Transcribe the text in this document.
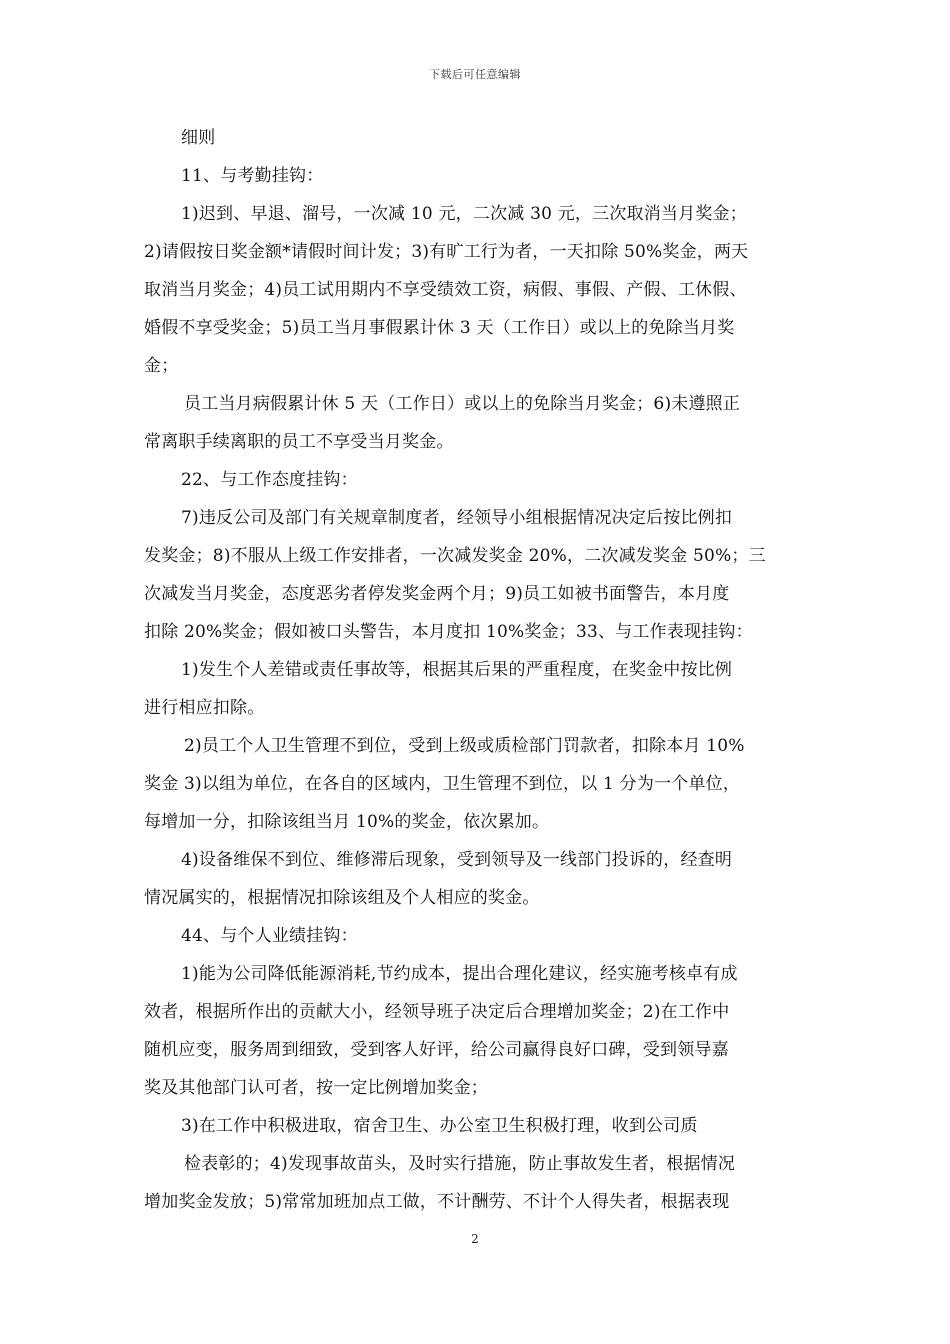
下载后可任意编辑
细则
11、与考勤挂钩：
1)迟到、早退、溜号，一次减 10 元，二次减 30 元，三次取消当月奖金；
2)请假按日奖金额*请假时间计发；3)有旷工行为者，一天扣除 50%奖金，两天
取消当月奖金；4)员工试用期内不享受绩效工资，病假、事假、产假、工休假、
婚假不享受奖金；5)员工当月事假累计休 3 天（工作日）或以上的免除当月奖
金；
员工当月病假累计休 5 天（工作日）或以上的免除当月奖金；6)未遵照正
常离职手续离职的员工不享受当月奖金。
22、与工作态度挂钩：
7)违反公司及部门有关规章制度者，经领导小组根据情况决定后按比例扣
发奖金；8)不服从上级工作安排者，一次减发奖金 20%，二次减发奖金 50%；三
次减发当月奖金，态度恶劣者停发奖金两个月；9)员工如被书面警告，本月度
扣除 20%奖金；假如被口头警告，本月度扣 10%奖金；33、与工作表现挂钩：
1)发生个人差错或责任事故等，根据其后果的严重程度，在奖金中按比例
进行相应扣除。
2)员工个人卫生管理不到位，受到上级或质检部门罚款者，扣除本月 10%
奖金 3)以组为单位，在各自的区域内，卫生管理不到位，以 1 分为一个单位，
每增加一分，扣除该组当月 10%的奖金，依次累加。
4)设备维保不到位、维修滞后现象，受到领导及一线部门投诉的，经查明
情况属实的，根据情况扣除该组及个人相应的奖金。
44、与个人业绩挂钩：
1)能为公司降低能源消耗,节约成本，提出合理化建议，经实施考核卓有成
效者，根据所作出的贡献大小，经领导班子决定后合理增加奖金；2)在工作中
随机应变，服务周到细致，受到客人好评，给公司赢得良好口碑，受到领导嘉
奖及其他部门认可者，按一定比例增加奖金；
3)在工作中积极进取，宿舍卫生、办公室卫生积极打理，收到公司质
检表彰的；4)发现事故苗头，及时实行措施，防止事故发生者，根据情况
增加奖金发放；5)常常加班加点工做，不计酬劳、不计个人得失者，根据表现
2
